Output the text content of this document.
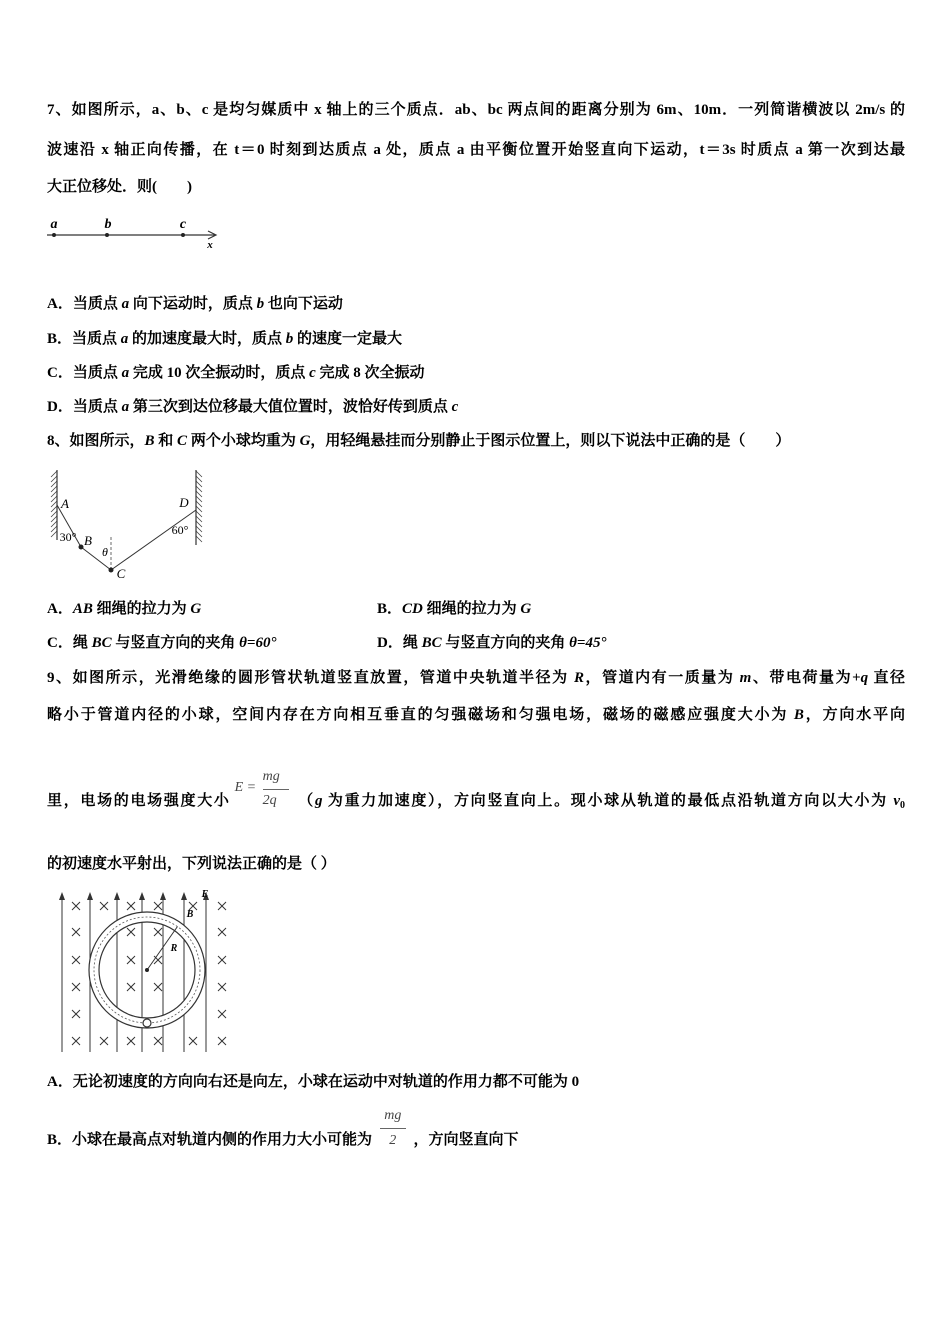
7、如图所示，a、b、c 是均匀媒质中 x 轴上的三个质点．ab、bc 两点间的距离分别为 6m、10m．一列简谐横波以 2m/s 的
波速沿 x 轴正向传播，在 t＝0 时刻到达质点 a 处，质点 a 由平衡位置开始竖直向下运动，t＝3s 时质点 a 第一次到达最
大正位移处．则(　　)
a	b	c
x
A．当质点 a 向下运动时，质点 b 也向下运动
B．当质点 a 的加速度最大时，质点 b 的速度一定最大
C．当质点 a 完成 10 次全振动时，质点 c 完成 8 次全振动
D．当质点 a 第三次到达位移最大值位置时，波恰好传到质点 c
8、如图所示，B 和 C 两个小球均重为 G，用轻绳悬挂而分别静止于图示位置上，则以下说法中正确的是（　　）
A
30° B
θ
C
D
60°
A．AB 细绳的拉力为 G	B．CD 细绳的拉力为 G
C．绳 BC 与竖直方向的夹角 θ=60°	D．绳 BC 与竖直方向的夹角 θ=45°
9、如图所示，光滑绝缘的圆形管状轨道竖直放置，管道中央轨道半径为 R，管道内有一质量为 m、带电荷量为+q 直径
略小于管道内径的小球，空间内存在方向相互垂直的匀强磁场和匀强电场，磁场的磁感应强度大小为 B，方向水平向
里，电场的电场强度大小
E =
mg
2q	（g 为重力加速度），方向竖直向上。现小球从轨道的最低点沿轨道方向以大小为 $v_0$
的初速度水平射出，下列说法正确的是（ ）
E
B
R
A．无论初速度的方向向右还是向左，小球在运动中对轨道的作用力都不可能为 0
B．小球在最高点对轨道内侧的作用力大小可能为 $\frac{mg}{2}$ ，方向竖直向下
